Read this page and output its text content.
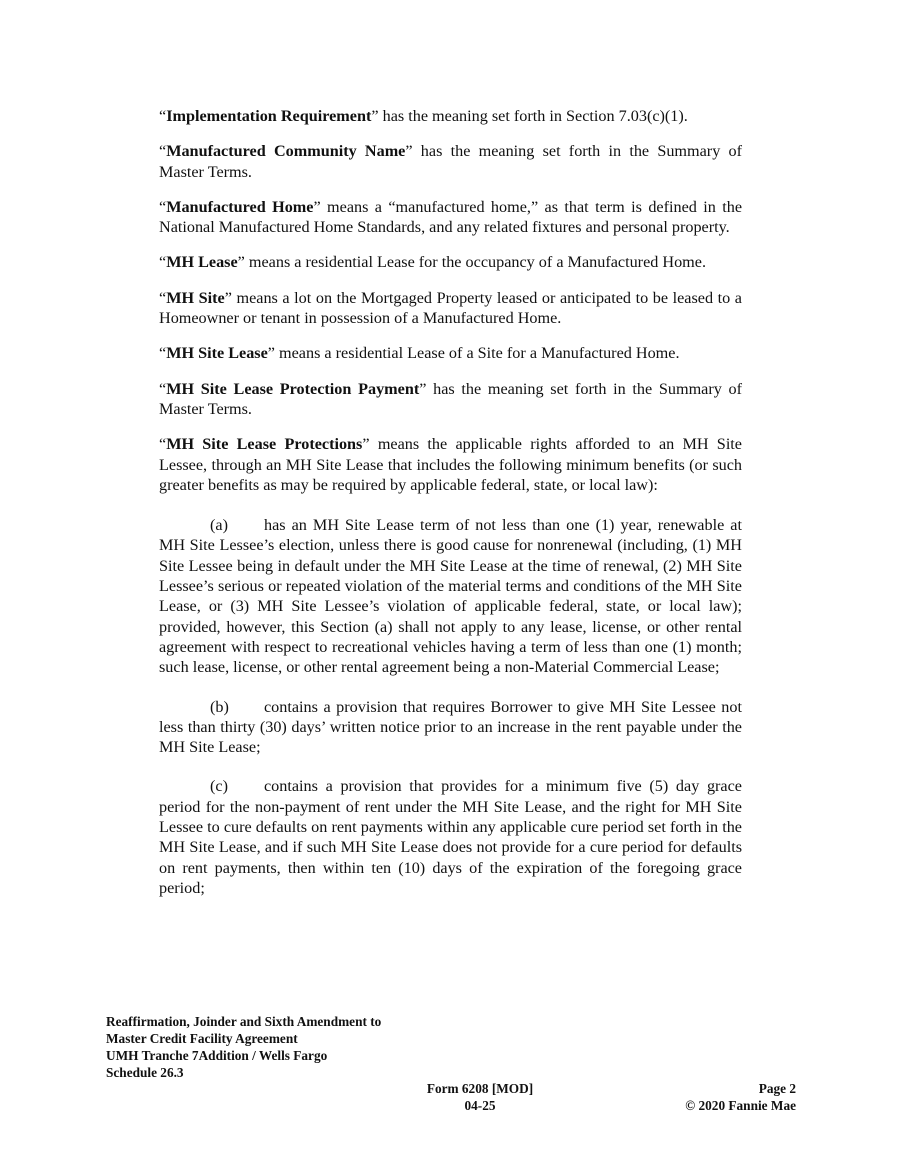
“Implementation Requirement” has the meaning set forth in Section 7.03(c)(1).

“Manufactured Community Name” has the meaning set forth in the Summary of Master Terms.

“Manufactured Home” means a “manufactured home,” as that term is defined in the National Manufactured Home Standards, and any related fixtures and personal property.

“MH Lease” means a residential Lease for the occupancy of a Manufactured Home.

“MH Site” means a lot on the Mortgaged Property leased or anticipated to be leased to a Homeowner or tenant in possession of a Manufactured Home.

“MH Site Lease” means a residential Lease of a Site for a Manufactured Home.

“MH Site Lease Protection Payment” has the meaning set forth in the Summary of Master Terms.

“MH Site Lease Protections” means the applicable rights afforded to an MH Site Lessee, through an MH Site Lease that includes the following minimum benefits (or such greater benefits as may be required by applicable federal, state, or local law):

(a) has an MH Site Lease term of not less than one (1) year, renewable at MH Site Lessee’s election, unless there is good cause for nonrenewal (including, (1) MH Site Lessee being in default under the MH Site Lease at the time of renewal, (2) MH Site Lessee’s serious or repeated violation of the material terms and conditions of the MH Site Lease, or (3) MH Site Lessee’s violation of applicable federal, state, or local law); provided, however, this Section (a) shall not apply to any lease, license, or other rental agreement with respect to recreational vehicles having a term of less than one (1) month; such lease, license, or other rental agreement being a non-Material Commercial Lease;

(b) contains a provision that requires Borrower to give MH Site Lessee not less than thirty (30) days’ written notice prior to an increase in the rent payable under the MH Site Lease;

(c) contains a provision that provides for a minimum five (5) day grace period for the non-payment of rent under the MH Site Lease, and the right for MH Site Lessee to cure defaults on rent payments within any applicable cure period set forth in the MH Site Lease, and if such MH Site Lease does not provide for a cure period for defaults on rent payments, then within ten (10) days of the expiration of the foregoing grace period;

Reaffirmation, Joinder and Sixth Amendment to
Master Credit Facility Agreement
UMH Tranche 7Addition / Wells Fargo
Schedule 26.3
Form 6208 [MOD]
04-25
Page 2
© 2020 Fannie Mae
